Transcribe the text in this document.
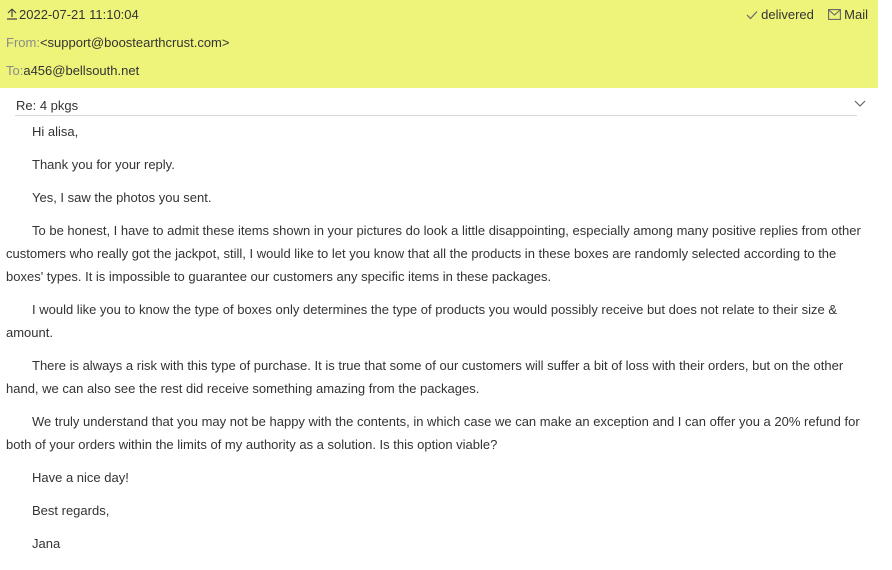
2022-07-21 11:10:04
From:<support@boostearthcrust.com>
To:a456@bellsouth.net
delivered Mail
Re: 4 pkgs

Hi alisa,

Thank you for your reply.

Yes, I saw the photos you sent.

To be honest, I have to admit these items shown in your pictures do look a little disappointing, especially among many positive replies from other customers who really got the jackpot, still, I would like to let you know that all the products in these boxes are randomly selected according to the boxes' types. It is impossible to guarantee our customers any specific items in these packages.

I would like you to know the type of boxes only determines the type of products you would possibly receive but does not relate to their size & amount.

There is always a risk with this type of purchase. It is true that some of our customers will suffer a bit of loss with their orders, but on the other hand, we can also see the rest did receive something amazing from the packages.

We truly understand that you may not be happy with the contents, in which case we can make an exception and I can offer you a 20% refund for both of your orders within the limits of my authority as a solution. Is this option viable?

Have a nice day!

Best regards,

Jana
